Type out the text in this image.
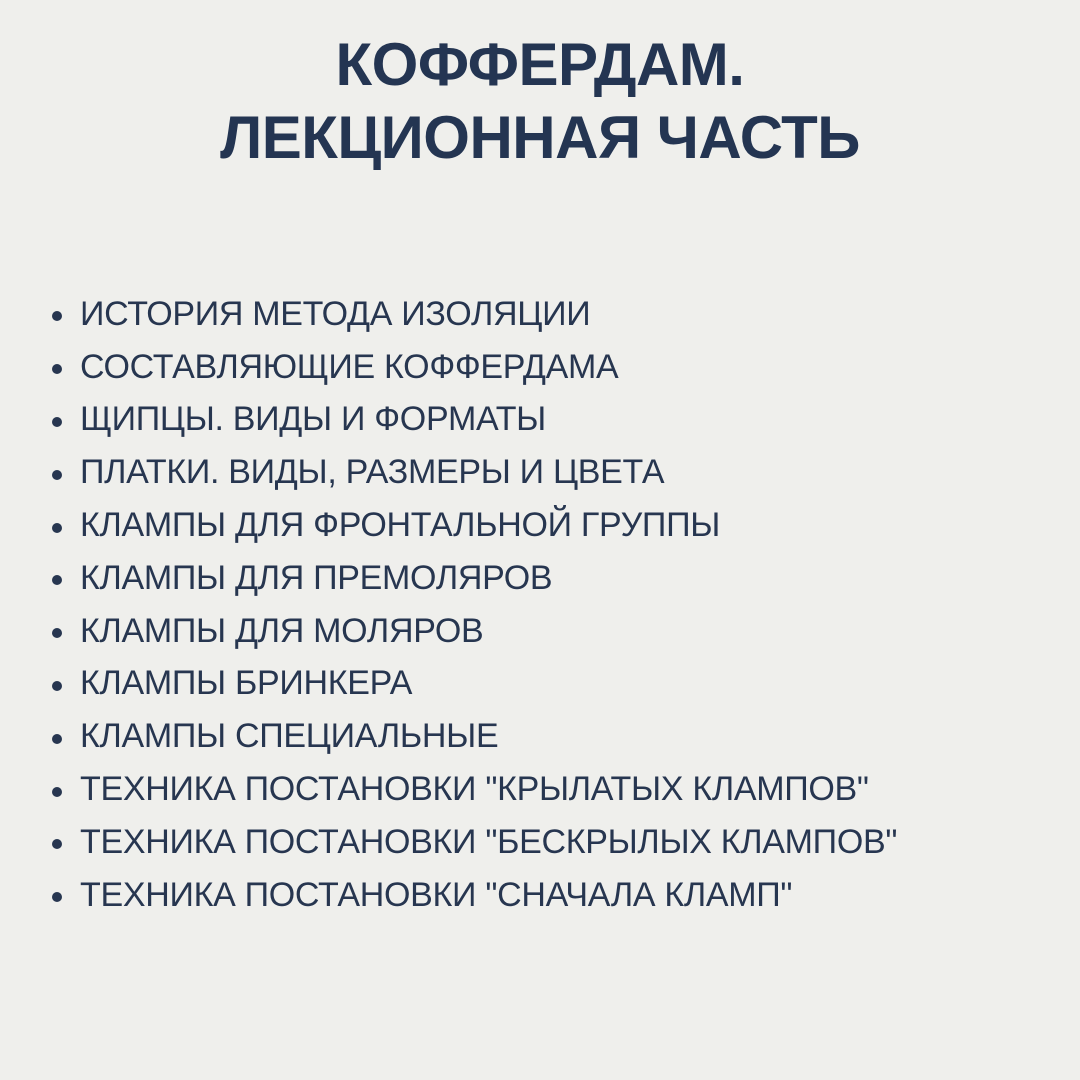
КОФФЕРДАМ.
ЛЕКЦИОННАЯ ЧАСТЬ
ИСТОРИЯ МЕТОДА ИЗОЛЯЦИИ
СОСТАВЛЯЮЩИЕ КОФФЕРДАМА
ЩИПЦЫ. ВИДЫ И ФОРМАТЫ
ПЛАТКИ. ВИДЫ, РАЗМЕРЫ И ЦВЕТА
КЛАМПЫ ДЛЯ ФРОНТАЛЬНОЙ ГРУППЫ
КЛАМПЫ ДЛЯ ПРЕМОЛЯРОВ
КЛАМПЫ ДЛЯ МОЛЯРОВ
КЛАМПЫ БРИНКЕРА
КЛАМПЫ СПЕЦИАЛЬНЫЕ
ТЕХНИКА ПОСТАНОВКИ "КРЫЛАТЫХ КЛАМПОВ"
ТЕХНИКА ПОСТАНОВКИ "БЕСКРЫЛЫХ КЛАМПОВ"
ТЕХНИКА ПОСТАНОВКИ "СНАЧАЛА КЛАМП"
